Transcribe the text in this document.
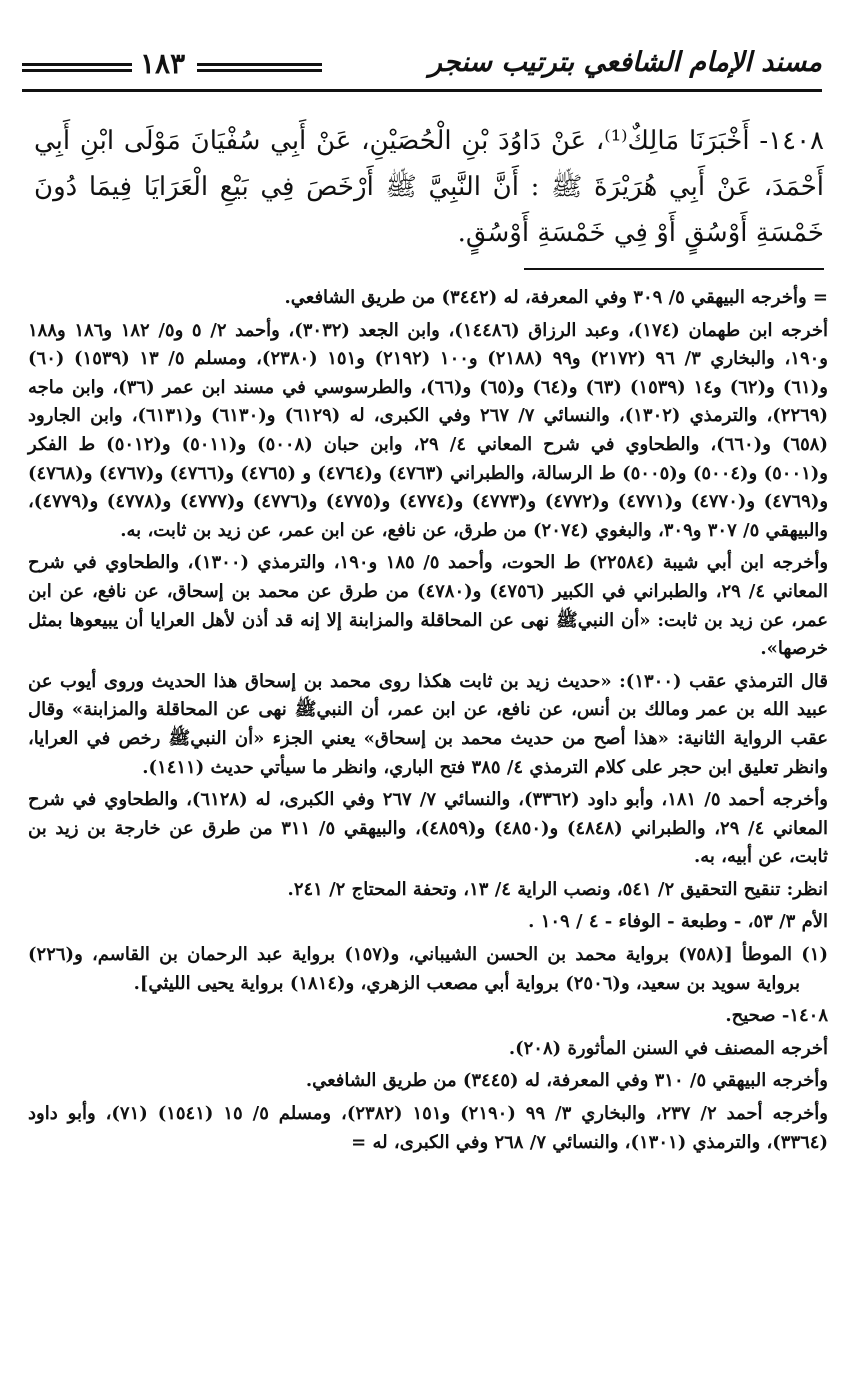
مسند الإمام الشافعي بترتيب سنجر
١٨٣
١٤٠٨- أَخْبَرَنَا مَالِكٌ⁽¹⁾، عَنْ دَاوُدَ بْنِ الْحُصَيْنِ، عَنْ أَبِي سُفْيَانَ مَوْلَى ابْنِ أَبِي أَحْمَدَ، عَنْ أَبِي هُرَيْرَةَ ﷺ : أَنَّ النَّبِيَّ ﷺ أَرْخَصَ فِي بَيْعِ الْعَرَايَا فِيمَا دُونَ خَمْسَةِ أَوْسُقٍ أَوْ فِي خَمْسَةِ أَوْسُقٍ.

= وأخرجه البيهقي ٥/ ٣٠٩ وفي المعرفة، له (٣٤٤٢) من طريق الشافعي.

أخرجه ابن طهمان (١٧٤)، وعبد الرزاق (١٤٤٨٦)، وابن الجعد (٣٠٣٢)، وأحمد ٢/ ٥ و٥/ ١٨٢ و١٨٦ و١٨٨ و١٩٠، والبخاري ٣/ ٩٦ (٢١٧٢) و٩٩ (٢١٨٨) و١٠٠ (٢١٩٢) و١٥١ (٢٣٨٠)، ومسلم ٥/ ١٣ (١٥٣٩) (٦٠) و(٦١) و(٦٢) و١٤ (١٥٣٩) (٦٣) و(٦٤) و(٦٥) و(٦٦)، والطرسوسي في مسند ابن عمر (٣٦)، وابن ماجه (٢٢٦٩)، والترمذي (١٣٠٢)، والنسائي ٧/ ٢٦٧ وفي الكبرى، له (٦١٢٩) و(٦١٣٠) و(٦١٣١)، وابن الجارود (٦٥٨) و(٦٦٠)، والطحاوي في شرح المعاني ٤/ ٢٩، وابن حبان (٥٠٠٨) و(٥٠١١) و(٥٠١٢) ط الفكر و(٥٠٠١) و(٥٠٠٤) و(٥٠٠٥) ط الرسالة، والطبراني (٤٧٦٣) و(٤٧٦٤) و (٤٧٦٥) و(٤٧٦٦) و(٤٧٦٧) و(٤٧٦٨) و(٤٧٦٩) و(٤٧٧٠) و(٤٧٧١) و(٤٧٧٢) و(٤٧٧٣) و(٤٧٧٤) و(٤٧٧٥) و(٤٧٧٦) و(٤٧٧٧) و(٤٧٧٨) و(٤٧٧٩)، والبيهقي ٥/ ٣٠٧ و٣٠٩، والبغوي (٢٠٧٤) من طرق، عن نافع، عن ابن عمر، عن زيد بن ثابت، به.

وأخرجه ابن أبي شيبة (٢٢٥٨٤) ط الحوت، وأحمد ٥/ ١٨٥ و١٩٠، والترمذي (١٣٠٠)، والطحاوي في شرح المعاني ٤/ ٢٩، والطبراني في الكبير (٤٧٥٦) و(٤٧٨٠) من طرق عن محمد بن إسحاق، عن نافع، عن ابن عمر، عن زيد بن ثابت: «أن النبيﷺ نهى عن المحاقلة والمزابنة إلا إنه قد أذن لأهل العرايا أن يبيعوها بمثل خرصها».

قال الترمذي عقب (١٣٠٠): «حديث زيد بن ثابت هكذا روى محمد بن إسحاق هذا الحديث وروى أيوب عن عبيد الله بن عمر ومالك بن أنس، عن نافع، عن ابن عمر، أن النبيﷺ نهى عن المحاقلة والمزابنة» وقال عقب الرواية الثانية: «هذا أصح من حديث محمد بن إسحاق» يعني الجزء «أن النبيﷺ رخص في العرايا، وانظر تعليق ابن حجر على كلام الترمذي ٤/ ٣٨٥ فتح الباري، وانظر ما سيأتي حديث (١٤١١).

وأخرجه أحمد ٥/ ١٨١، وأبو داود (٣٣٦٢)، والنسائي ٧/ ٢٦٧ وفي الكبرى، له (٦١٢٨)، والطحاوي في شرح المعاني ٤/ ٢٩، والطبراني (٤٨٤٨) و(٤٨٥٠) و(٤٨٥٩)، والبيهقي ٥/ ٣١١ من طرق عن خارجة بن زيد بن ثابت، عن أبيه، به.

انظر: تنقيح التحقيق ٢/ ٥٤١، ونصب الراية ٤/ ١٣، وتحفة المحتاج ٢/ ٢٤١.

الأم ٣/ ٥٣، - وطبعة - الوفاء - ٤ / ١٠٩ .

(١) الموطأ [(٧٥٨) برواية محمد بن الحسن الشيباني، و(١٥٧) برواية عبد الرحمان بن القاسم، و(٢٢٦) برواية سويد بن سعيد، و(٢٥٠٦) برواية أبي مصعب الزهري، و(١٨١٤) برواية يحيى الليثي].

١٤٠٨- صحيح.

أخرجه المصنف في السنن المأثورة (٢٠٨).

وأخرجه البيهقي ٥/ ٣١٠ وفي المعرفة، له (٣٤٤٥) من طريق الشافعي.

وأخرجه أحمد ٢/ ٢٣٧، والبخاري ٣/ ٩٩ (٢١٩٠) و١٥١ (٢٣٨٢)، ومسلم ٥/ ١٥ (١٥٤١) (٧١)، وأبو داود (٣٣٦٤)، والترمذي (١٣٠١)، والنسائي ٧/ ٢٦٨ وفي الكبرى، له =
